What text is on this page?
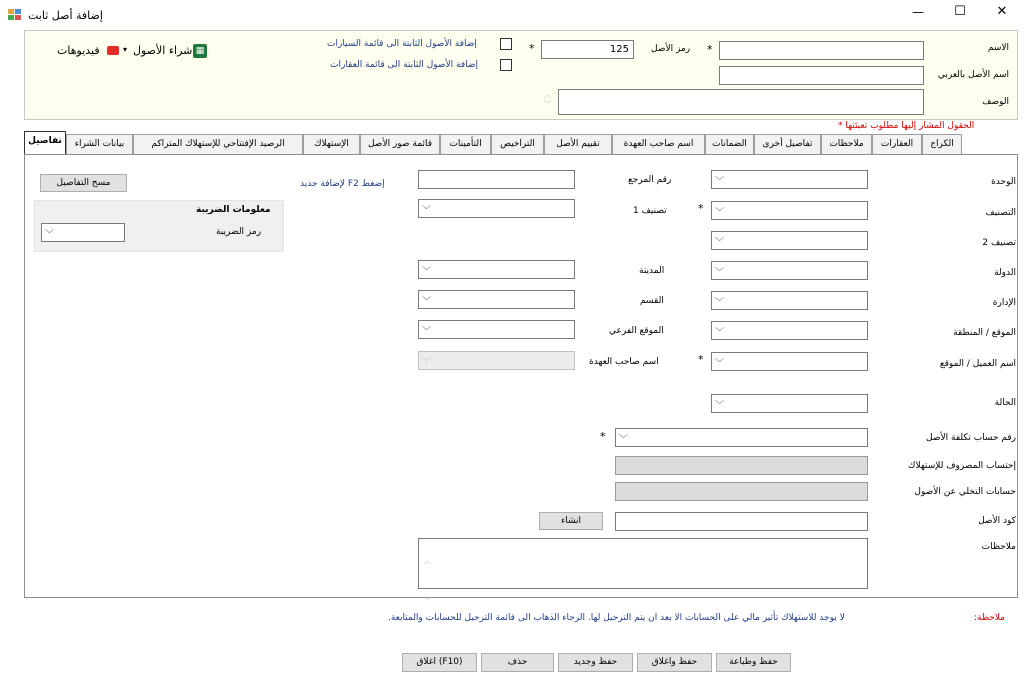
إضافة أصل ثابت	—	☐	✕
الاسم
*
رمز الأصل
125
*
إضافة الأصول الثابتة الى قائمة السيارات
إضافة الأصول الثابتة الى قائمة العقارات
اسم الأصل بالعربي
الوصف
︿
﹀
▦
شراء الأصول
▾
فيديوهات
الحقول المشار إليها مطلوب تعبئتها *
الكراج
العقارات
ملاحظات
تفاصيل أخرى
الضمانات
اسم صاحب العهدة
تقييم الأصل
التراخيص
التأمينات
قائمة صور الأصل
الإستهلاك
الرصيد الإفتتاحي للإستهلاك المتراكم
بيانات الشراء
تفاصيل
الوحدة
﹀
التصنيف
﹀
*
تصنيف 2
﹀
الدولة
﹀
الإدارة
﹀
الموقع / المنطقة
﹀
اسم العميل / الموقع
﹀
*
الحالة
﹀
رقم المرجع
تصنيف 1
﹀
المدينة
﹀
القسم
﹀
الموقع الفرعي
﹀
اسم صاحب العهدة
﹀
إضغط F2 لإضافة جديد
رقم حساب تكلفة الأصل
﹀
*
إحتساب المصروف للإستهلاك
حسابات التخلي عن الأصول
كود الأصل
انشاء
ملاحظات
︿
﹀
مسح التفاصيل
معلومات الضريبة
رمز الضريبة
﹀
ملاحظة:
لا يوجد للاستهلاك تأثير مالي على الحسابات الا بعد ان يتم الترحيل لها. الرجاء الذهاب الى قائمة الترحيل للحسابات والمتابعة.
حفظ وطباعة
حفظ واغلاق
حفظ وجديد
حذف
اغلاق (F10)
